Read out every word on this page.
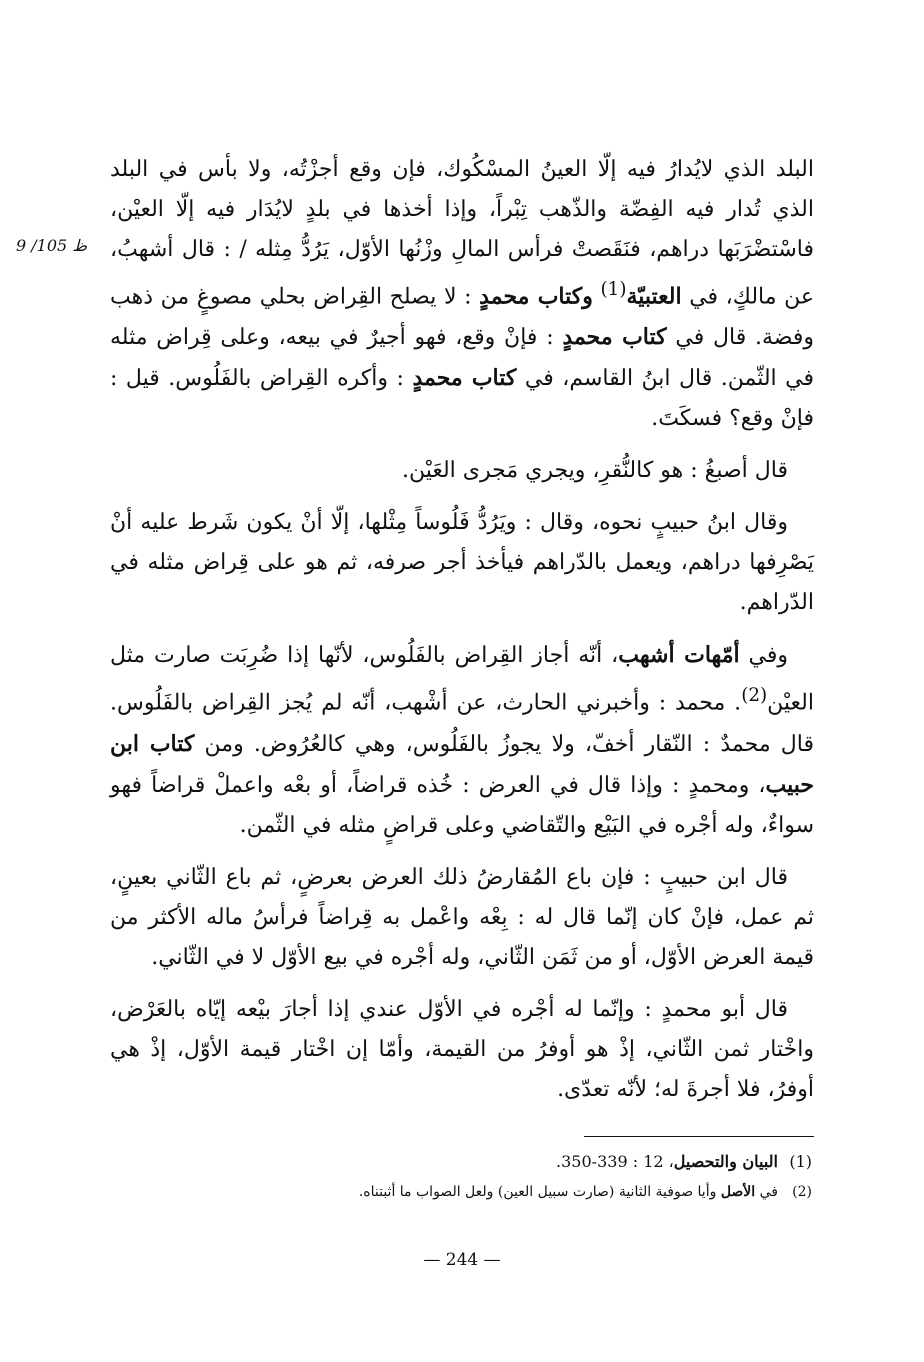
9 /105 ظ

البلد الذي لايُدارُ فيه إلّا العينُ المسْكُوك، فإن وقع أجزْتُه، ولا بأس في البلد الذي تُدار فيه الفِضّة والذّهب تِبْراً، وإذا أخذها في بلدٍ لايُدَار فيه إلّا العيْن، فاسْتضْرَبَها دراهم، فنَقَصتْ فرأس المالِ وزْنُها الأوّل، يَرُدُّ مِثله / : قال أشهبُ، عن مالكٍ، في العتبيّة$^{(1)}$ وكتاب محمدٍ : لا يصلح القِراض بحلي مصوغٍ من ذهب وفضة. قال في كتاب محمدٍ : فإنْ وقع، فهو أجيرٌ في بيعه، وعلى قِراض مثله في الثّمن. قال ابنُ القاسم، في كتاب محمدٍ : وأكره القِراض بالفَلُوس. قيل : فإنْ وقع؟ فسكَتَ.

قال أصبغُ : هو كالنُّقرِ، ويجري مَجرى العَيْن.

وقال ابنُ حبيبٍ نحوه، وقال : ويَرُدُّ فَلُوساً مِثْلها، إلّا أنْ يكون شَرط عليه أنْ يَصْرِفها دراهم، ويعمل بالدّراهم فيأخذ أجر صرفه، ثم هو على قِراض مثله في الدّراهم.

وفي أمّهات أشهب، أنّه أجاز القِراض بالفَلُوس، لأنّها إذا ضُرِبَت صارت مثل العيْن$^{(2)}$. محمد : وأخبرني الحارث، عن أشْهب، أنّه لم يُجز القِراض بالفَلُوس. قال محمدٌ : النّقار أخفّ، ولا يجوزُ بالفَلُوس، وهي كالعُرُوض. ومن كتاب ابن حبيب، ومحمدٍ : وإذا قال في العرض : خُذه قراضاً، أو بعْه واعملْ قراضاً فهو سواءٌ، وله أجْره في البَيْع والتّقاضي وعلى قراضٍ مثله في الثّمن.

قال ابن حبيبٍ : فإن باع المُقارضُ ذلك العرض بعرضٍ، ثم باع الثّاني بعينٍ، ثم عمل، فإنْ كان إنّما قال له : بِعْه واعْمل به قِراضاً فرأسُ ماله الأكثر من قيمة العرض الأوّل، أو من ثَمَن الثّاني، وله أجْره في بيع الأوّل لا في الثّاني.

قال أبو محمدٍ : وإنّما له أجْره في الأوّل عندي إذا أجارَ بيْعه إيّاه بالعَرْض، واخْتار ثمن الثّاني، إذْ هو أوفرُ من القيمة، وأمّا إن اخْتار قيمة الأوّل، إذْ هي أوفرُ، فلا أجرةَ له؛ لأنّه تعدّى.

(1)البيان والتحصيل، 12 : 339-350.
(2)في الأصل وأيا صوفية الثانية (صارت سبيل العين) ولعل الصواب ما أثبتناه.
— 244 —
